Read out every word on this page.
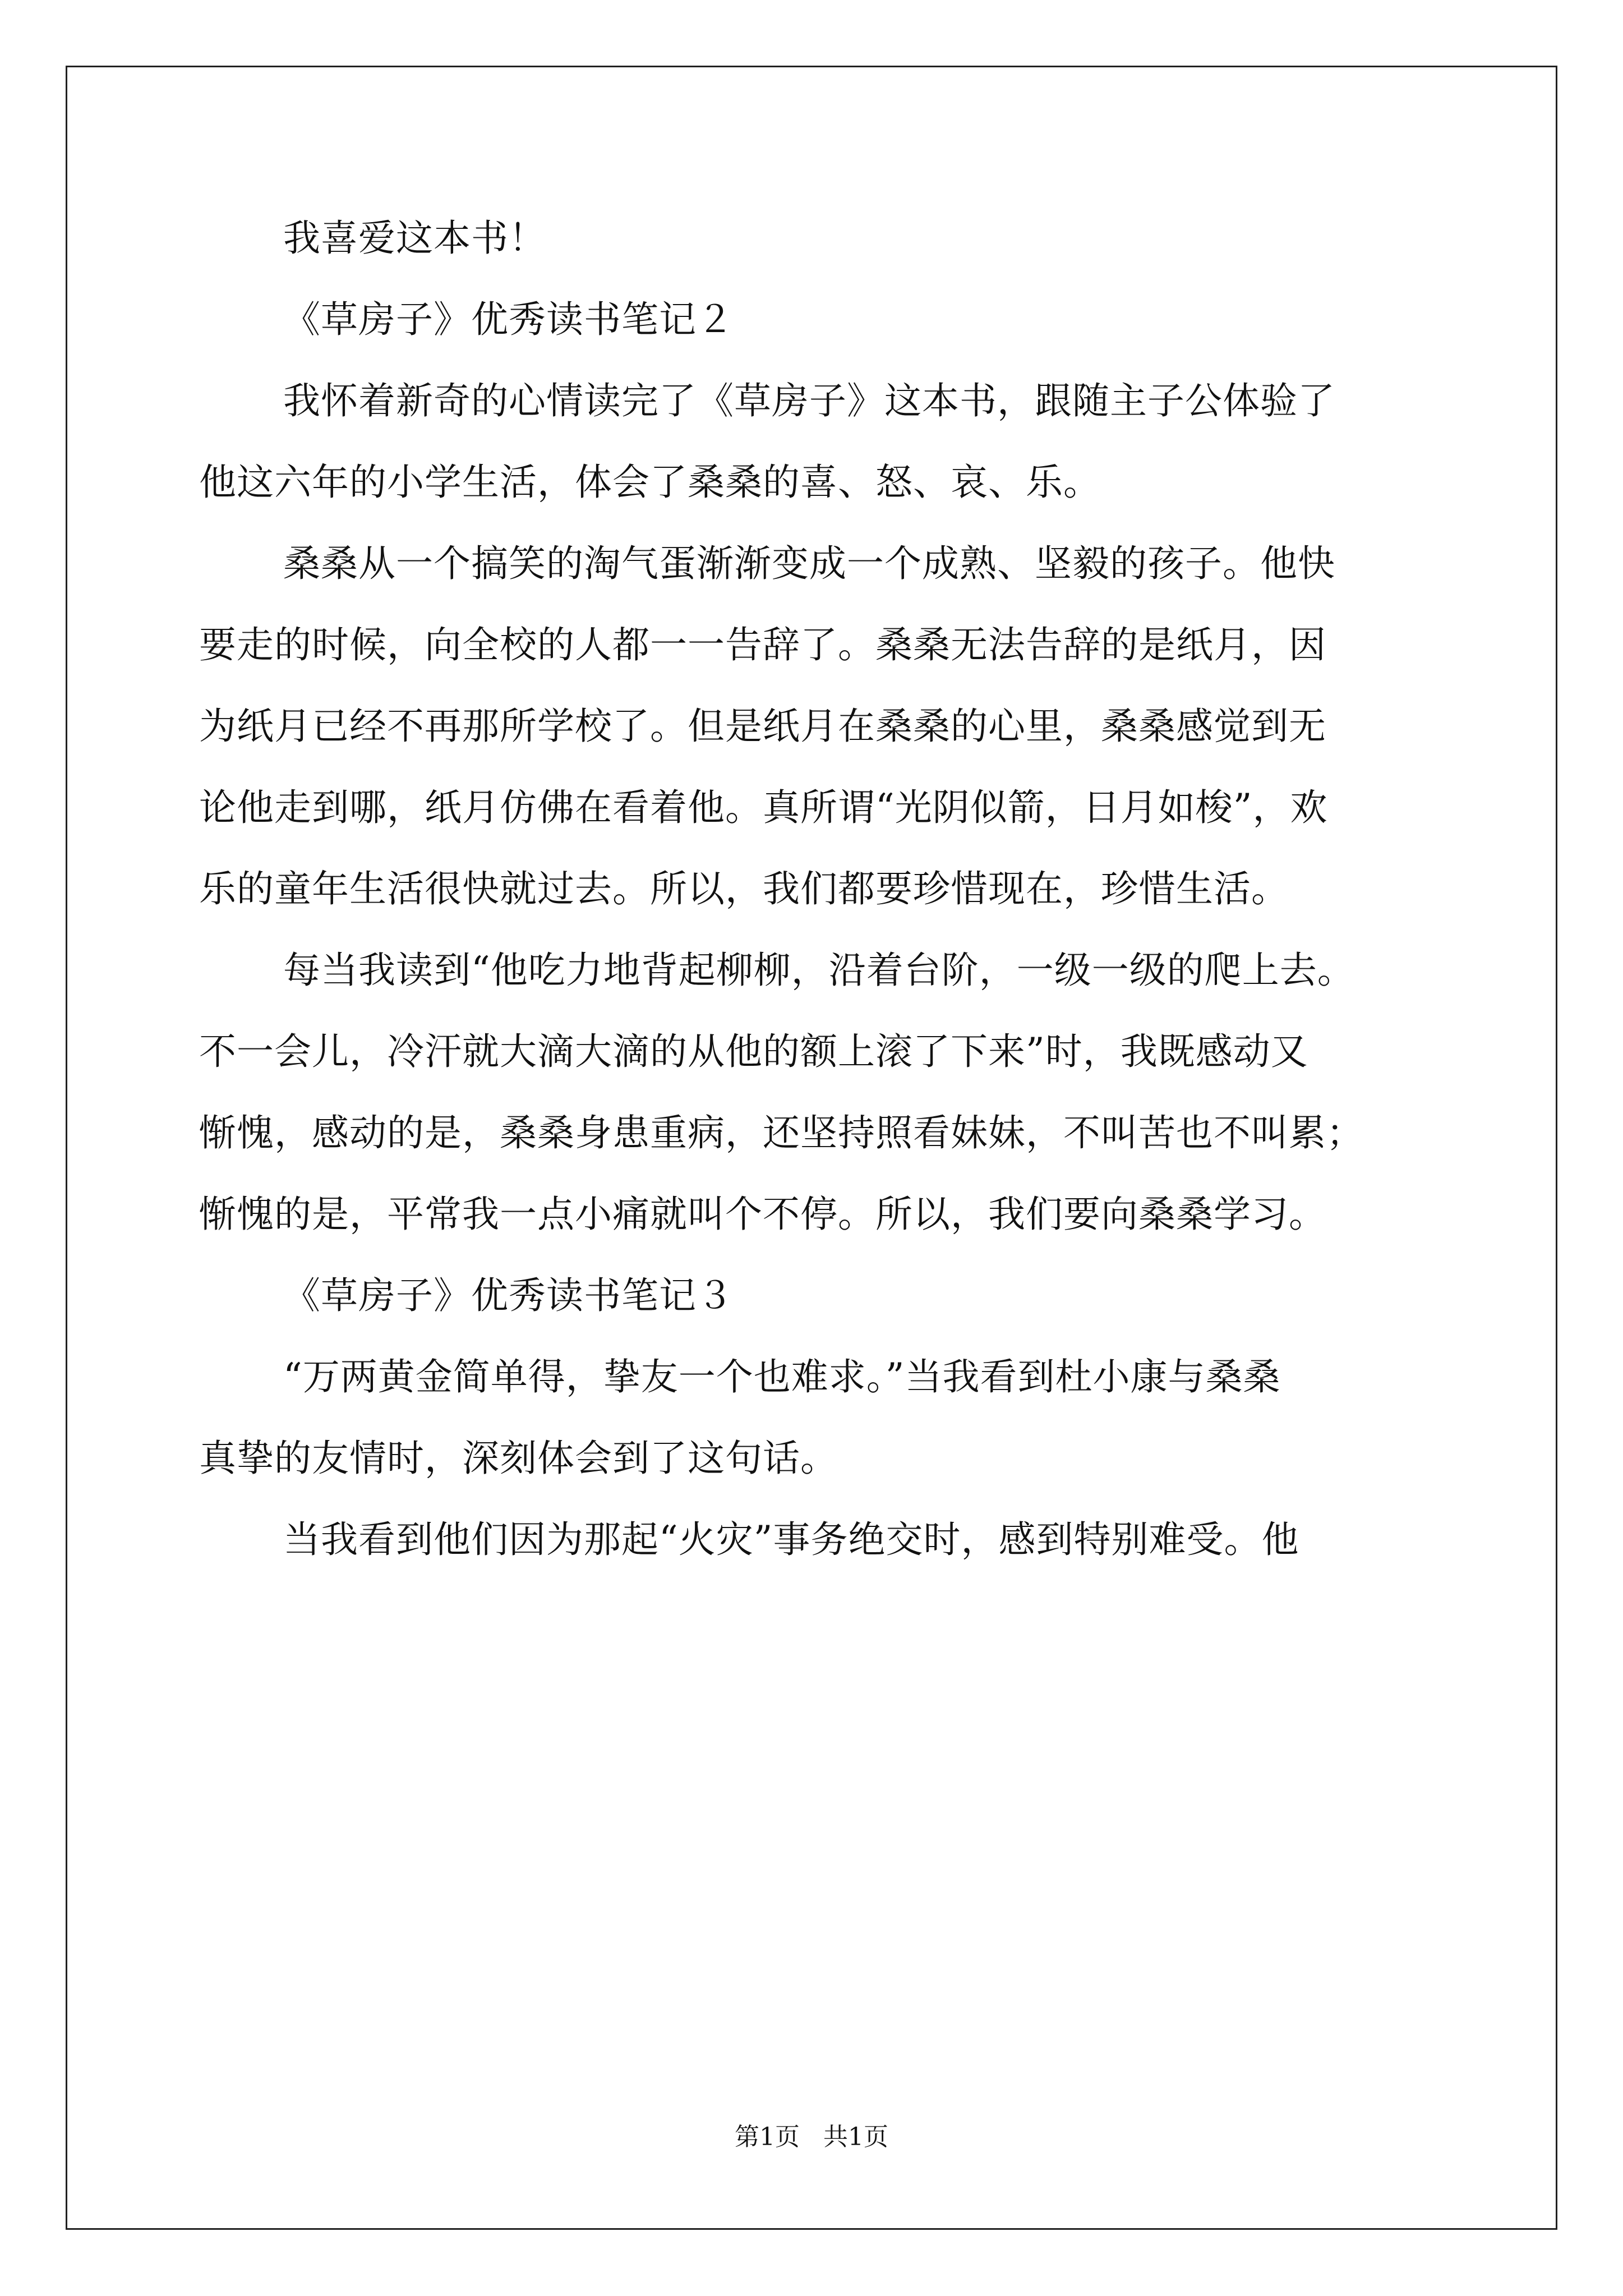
我喜爱这本书！
《草房子》优秀读书笔记２
我怀着新奇的心情读完了《草房子》这本书，跟随主子公体验了
他这六年的小学生活，体会了桑桑的喜、怒、哀、乐。
桑桑从一个搞笑的淘气蛋渐渐变成一个成熟、坚毅的孩子。他快
要走的时候，向全校的人都一一告辞了。桑桑无法告辞的是纸月，因
为纸月已经不再那所学校了。但是纸月在桑桑的心里，桑桑感觉到无
论他走到哪，纸月仿佛在看着他。真所谓“光阴似箭，日月如梭”，欢
乐的童年生活很快就过去。所以，我们都要珍惜现在，珍惜生活。
每当我读到“他吃力地背起柳柳，沿着台阶，一级一级的爬上去。
不一会儿，冷汗就大滴大滴的从他的额上滚了下来”时，我既感动又
惭愧，感动的是，桑桑身患重病，还坚持照看妹妹，不叫苦也不叫累；
惭愧的是，平常我一点小痛就叫个不停。所以，我们要向桑桑学习。
《草房子》优秀读书笔记３
“万两黄金简单得，挚友一个也难求。”当我看到杜小康与桑桑
真挚的友情时，深刻体会到了这句话。
当我看到他们因为那起“火灾”事务绝交时，感到特别难受。他
第1页 共1页
